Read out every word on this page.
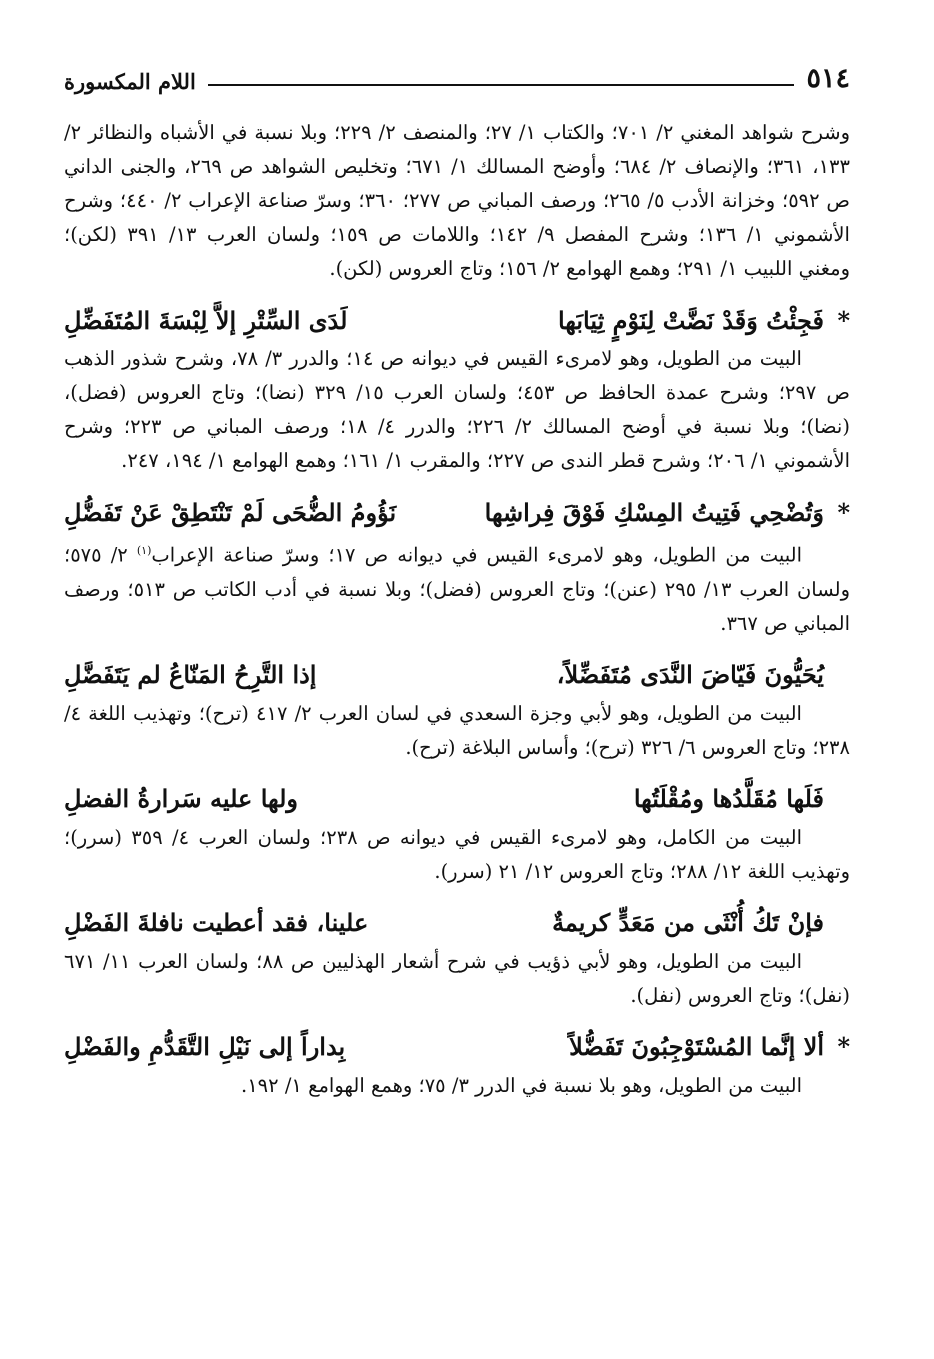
٥١٤
اللام المكسورة

وشرح شواهد المغني ٢/ ٧٠١؛ والكتاب ١/ ٢٧؛ والمنصف ٢/ ٢٢٩؛ وبلا نسبة في الأشباه والنظائر ٢/ ١٣٣، ٣٦١؛ والإنصاف ٢/ ٦٨٤؛ وأوضح المسالك ١/ ٦٧١؛ وتخليص الشواهد ص ٢٦٩، والجنى الداني ص ٥٩٢؛ وخزانة الأدب ٥/ ٢٦٥؛ ورصف المباني ص ٢٧٧؛ ٣٦٠؛ وسرّ صناعة الإعراب ٢/ ٤٤٠؛ وشرح الأشموني ١/ ١٣٦؛ وشرح المفصل ٩/ ١٤٢؛ واللامات ص ١٥٩؛ ولسان العرب ١٣/ ٣٩١ (لكن)؛ ومغني اللبيب ١/ ٢٩١؛ وهمع الهوامع ٢/ ١٥٦؛ وتاج العروس (لكن).

*
فَجِئْتُ وَقَدْ نَضَّتْ لِنَوْمٍ ثِيَابَها
لَدَى السِّتْرِ إلاَّ لِبْسَةَ المُتَفَضِّلِ

البيت من الطويل، وهو لامرىء القيس في ديوانه ص ١٤؛ والدرر ٣/ ٧٨، وشرح شذور الذهب ص ٢٩٧؛ وشرح عمدة الحافظ ص ٤٥٣؛ ولسان العرب ١٥/ ٣٢٩ (نضا)؛ وتاج العروس (فضل)، (نضا)؛ وبلا نسبة في أوضح المسالك ٢/ ٢٢٦؛ والدرر ٤/ ١٨؛ ورصف المباني ص ٢٢٣؛ وشرح الأشموني ١/ ٢٠٦؛ وشرح قطر الندى ص ٢٢٧؛ والمقرب ١/ ١٦١؛ وهمع الهوامع ١/ ١٩٤، ٢٤٧.

*
وَتُضْحِي فَتِيتُ المِسْكِ فَوْقَ فِراشِها
نَؤُومُ الضُّحَى لَمْ تَنْتَطِقْ عَنْ تَفَضُّلِ

البيت من الطويل، وهو لامرىء القيس في ديوانه ص ١٧؛ وسرّ صناعة الإعراب$^{(١)}$ ٢/ ٥٧٥؛ ولسان العرب ١٣/ ٢٩٥ (عنن)؛ وتاج العروس (فضل)؛ وبلا نسبة في أدب الكاتب ص ٥١٣؛ ورصف المباني ص ٣٦٧.

يُحَيُّونَ فَيّاضَ النَّدَى مُتَفَضِّلاً،
إذا التَّرِحُ المَنّاعُ لم يَتَفَضَّلِ

البيت من الطويل، وهو لأبي وجزة السعدي في لسان العرب ٢/ ٤١٧ (ترح)؛ وتهذيب اللغة ٤/ ٢٣٨؛ وتاج العروس ٦/ ٣٢٦ (ترح)؛ وأساس البلاغة (ترح).

فَلَها مُقَلَّدُها ومُقْلَتُها
ولها عليه سَرارةُ الفضلِ

البيت من الكامل، وهو لامرىء القيس في ديوانه ص ٢٣٨؛ ولسان العرب ٤/ ٣٥٩ (سرر)؛ وتهذيب اللغة ١٢/ ٢٨٨؛ وتاج العروس ١٢/ ٢١ (سرر).

فإنْ تَكُ أُنْثَى من مَعَدٍّ كريمةٌ
علينا، فقد أعطيت نافلةَ الفَضْلِ

البيت من الطويل، وهو لأبي ذؤيب في شرح أشعار الهذليين ص ٨٨؛ ولسان العرب ١١/ ٦٧١ (نفل)؛ وتاج العروس (نفل).

*
ألا إنَّما المُسْتَوْجِبُونَ تَفَضُّلاً
بِداراً إلى نَيْلِ التَّقَدُّمِ والفَضْلِ

البيت من الطويل، وهو بلا نسبة في الدرر ٣/ ٧٥؛ وهمع الهوامع ١/ ١٩٢.
